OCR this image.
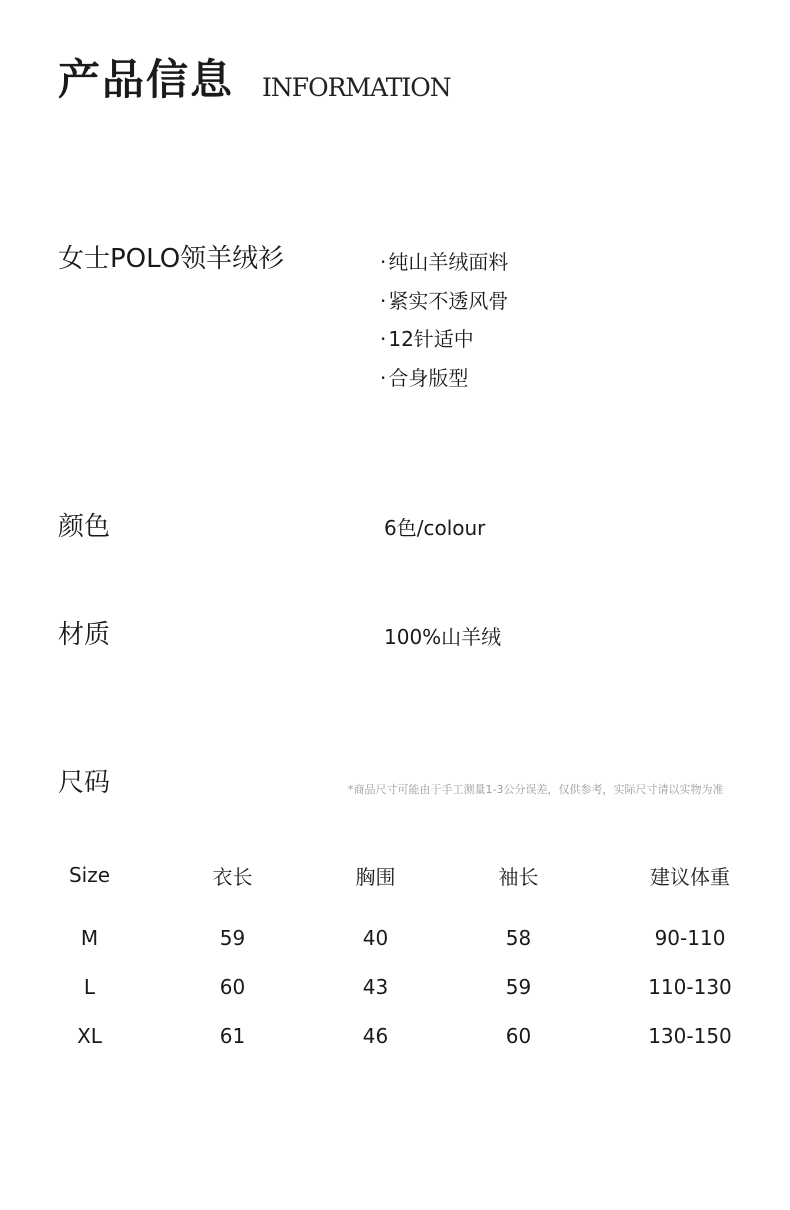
产品信息 INFORMATION
女士POLO领羊绒衫	· 纯山羊绒面料
· 紧实不透风骨
· 12针适中
· 合身版型
颜色	6色/colour
材质	100%山羊绒
尺码	*商品尺寸可能由于手工测量1-3公分误差，仅供参考，实际尺寸请以实物为准
Size	衣长	胸围	袖长	建议体重
M	59	40	58	90-110
L	60	43	59	110-130
XL	61	46	60	130-150
